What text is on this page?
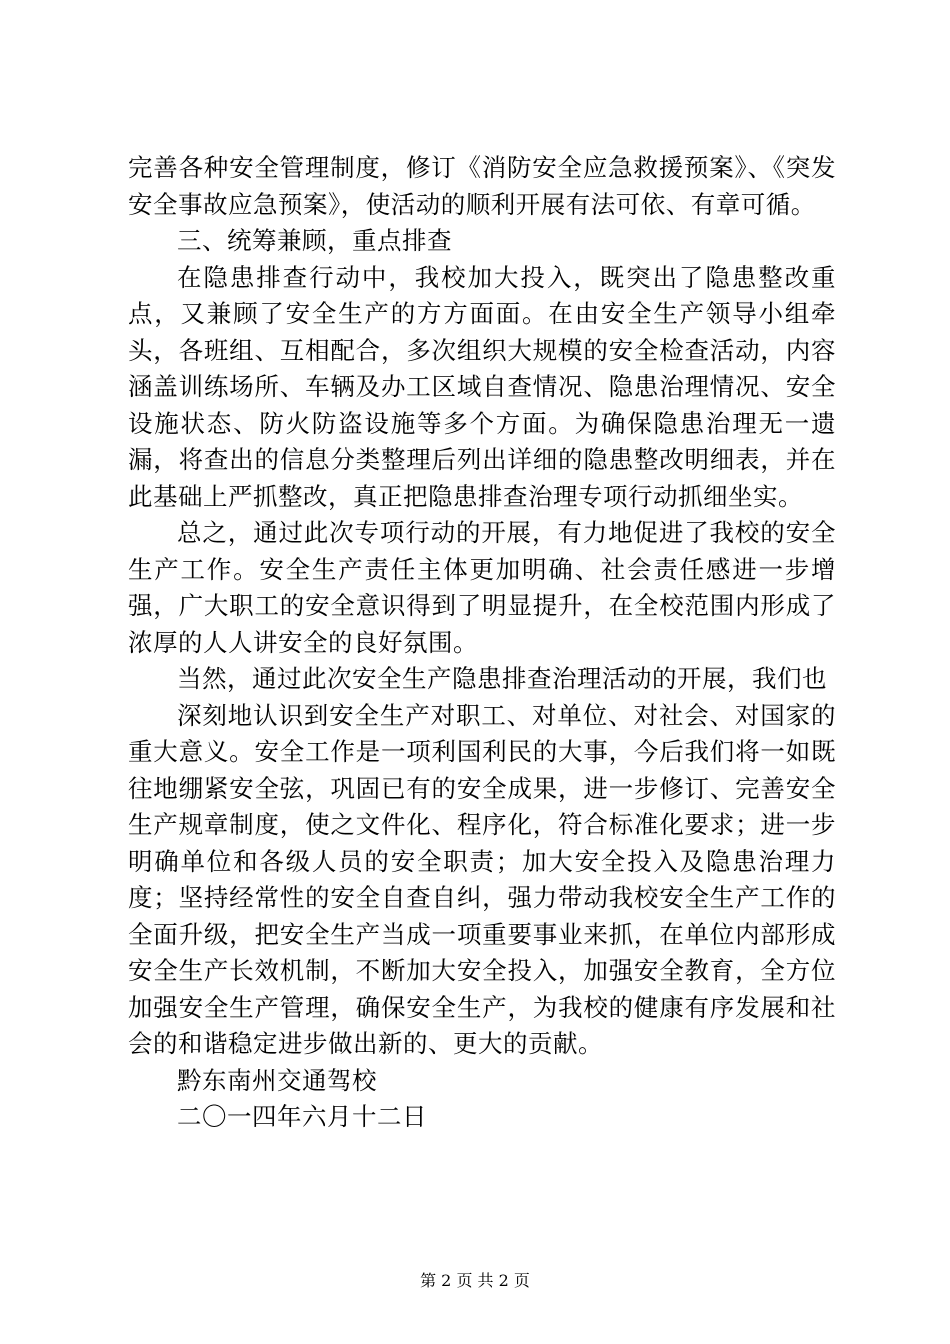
完善各种安全管理制度，修订《消防安全应急救援预案》、《突发安全事故应急预案》，使活动的顺利开展有法可依、有章可循。

三、统筹兼顾，重点排查

在隐患排查行动中，我校加大投入，既突出了隐患整改重点，又兼顾了安全生产的方方面面。在由安全生产领导小组牵头，各班组、互相配合，多次组织大规模的安全检查活动，内容涵盖训练场所、车辆及办工区域自查情况、隐患治理情况、安全设施状态、防火防盗设施等多个方面。为确保隐患治理无一遗漏，将查出的信息分类整理后列出详细的隐患整改明细表，并在此基础上严抓整改，真正把隐患排查治理专项行动抓细坐实。

总之，通过此次专项行动的开展，有力地促进了我校的安全生产工作。安全生产责任主体更加明确、社会责任感进一步增强，广大职工的安全意识得到了明显提升，在全校范围内形成了浓厚的人人讲安全的良好氛围。

当然，通过此次安全生产隐患排查治理活动的开展，我们也

深刻地认识到安全生产对职工、对单位、对社会、对国家的重大意义。安全工作是一项利国利民的大事，今后我们将一如既往地绷紧安全弦，巩固已有的安全成果，进一步修订、完善安全生产规章制度，使之文件化、程序化，符合标准化要求；进一步明确单位和各级人员的安全职责；加大安全投入及隐患治理力度；坚持经常性的安全自查自纠，强力带动我校安全生产工作的全面升级，把安全生产当成一项重要事业来抓，在单位内部形成安全生产长效机制，不断加大安全投入，加强安全教育，全方位加强安全生产管理，确保安全生产，为我校的健康有序发展和社会的和谐稳定进步做出新的、更大的贡献。

黔东南州交通驾校

二〇一四年六月十二日

第 2 页 共 2 页
